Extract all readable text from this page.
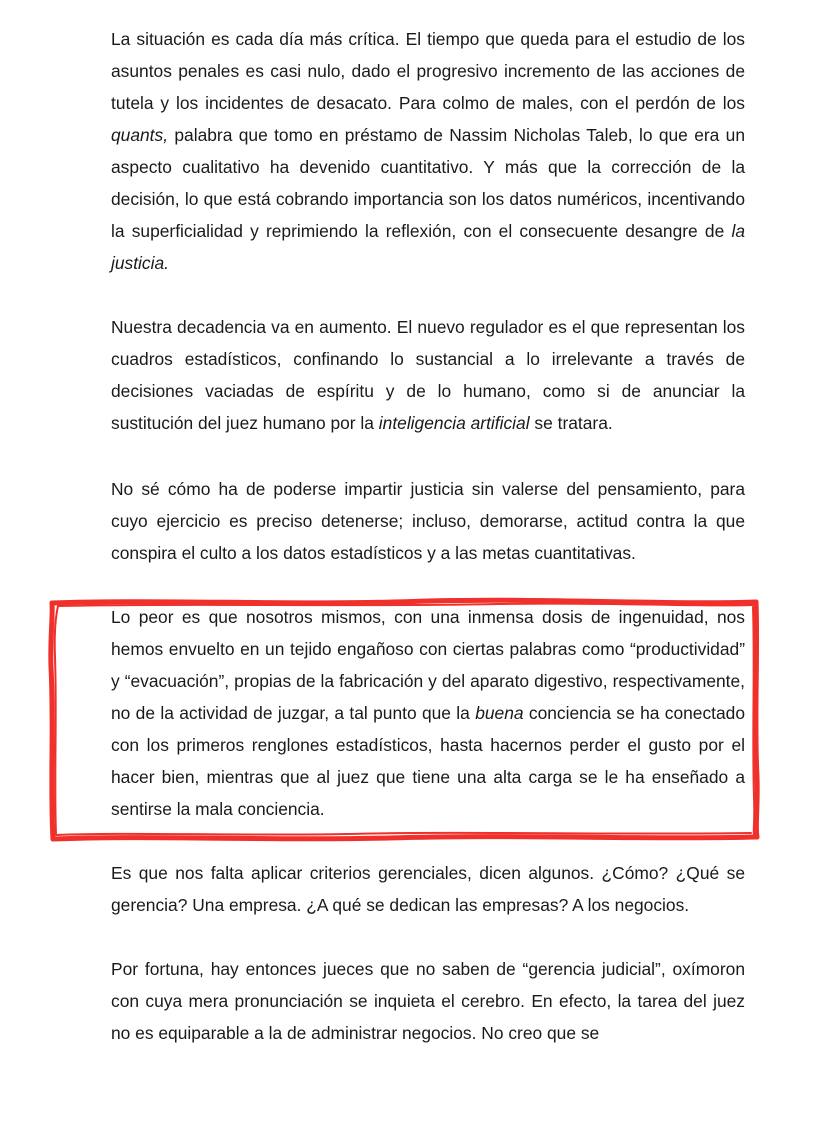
La situación es cada día más crítica. El tiempo que queda para el estudio de los asuntos penales es casi nulo, dado el progresivo incremento de las acciones de tutela y los incidentes de desacato. Para colmo de males, con el perdón de los quants, palabra que tomo en préstamo de Nassim Nicholas Taleb, lo que era un aspecto cualitativo ha devenido cuantitativo. Y más que la corrección de la decisión, lo que está cobrando importancia son los datos numéricos, incentivando la superficialidad y reprimiendo la reflexión, con el consecuente desangre de la justicia.

Nuestra decadencia va en aumento. El nuevo regulador es el que representan los cuadros estadísticos, confinando lo sustancial a lo irrelevante a través de decisiones vaciadas de espíritu y de lo humano, como si de anunciar la sustitución del juez humano por la inteligencia artificial se tratara.

No sé cómo ha de poderse impartir justicia sin valerse del pensamiento, para cuyo ejercicio es preciso detenerse; incluso, demorarse, actitud contra la que conspira el culto a los datos estadísticos y a las metas cuantitativas.

Lo peor es que nosotros mismos, con una inmensa dosis de ingenuidad, nos hemos envuelto en un tejido engañoso con ciertas palabras como “productividad” y “evacuación”, propias de la fabricación y del aparato digestivo, respectivamente, no de la actividad de juzgar, a tal punto que la buena conciencia se ha conectado con los primeros renglones estadísticos, hasta hacernos perder el gusto por el hacer bien, mientras que al juez que tiene una alta carga se le ha enseñado a sentirse la mala conciencia.

Es que nos falta aplicar criterios gerenciales, dicen algunos. ¿Cómo? ¿Qué se gerencia? Una empresa. ¿A qué se dedican las empresas? A los negocios.

Por fortuna, hay entonces jueces que no saben de “gerencia judicial”, oxímoron con cuya mera pronunciación se inquieta el cerebro. En efecto, la tarea del juez no es equiparable a la de administrar negocios. No creo que se
